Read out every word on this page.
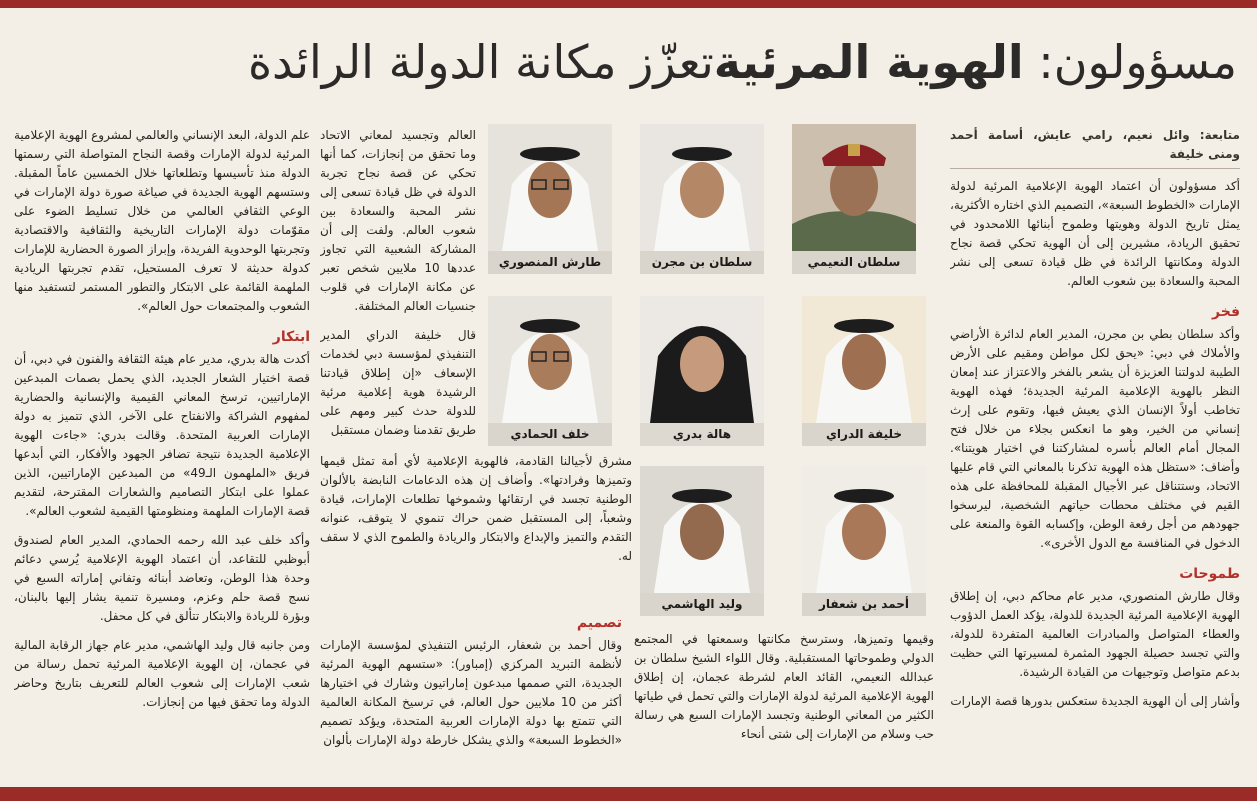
مسؤولون: الهوية المرئيةتعزّز مكانة الدولة الرائدة
متابعة: وائل نعيم، رامي عايش، أسامة أحمد ومنى خليفة

أكد مسؤولون أن اعتماد الهوية الإعلامية المرئية لدولة الإمارات «الخطوط السبعة»، التصميم الذي اختاره الأكثرية، يمثل تاريخ الدولة وهويتها وطموح أبنائها اللامحدود في تحقيق الريادة، مشيرين إلى أن الهوية تحكي قصة نجاح الدولة ومكانتها الرائدة في ظل قيادة تسعى إلى نشر المحبة والسعادة بين شعوب العالم.

فخر

وأكد سلطان بطي بن مجرن، المدير العام لدائرة الأراضي والأملاك في دبي: «يحق لكل مواطن ومقيم على الأرض الطيبة لدولتنا العزيزة أن يشعر بالفخر والاعتزاز عند إمعان النظر بالهوية الإعلامية المرئية الجديدة؛ فهذه الهوية تخاطب أولاً الإنسان الذي يعيش فيها، وتقوم على إرث إنساني من الخير، وهو ما انعكس بجلاء من خلال فتح المجال أمام العالم بأسره لمشاركتنا في اختيار هويتنا». وأضاف: «ستظل هذه الهوية تذكرنا بالمعاني التي قام عليها الاتحاد، وستتناقل عبر الأجيال المقبلة للمحافظة على هذه القيم في مختلف محطات حياتهم الشخصية، ليرسخوا جهودهم من أجل رفعة الوطن، وإكسابه القوة والمنعة على الدخول في المنافسة مع الدول الأخرى».

طموحات

وقال طارش المنصوري، مدير عام محاكم دبي، إن إطلاق الهوية الإعلامية المرئية الجديدة للدولة، يؤكد العمل الدؤوب والعطاء المتواصل والمبادرات العالمية المتفردة للدولة، والتي تجسد حصيلة الجهود المثمرة لمسيرتها التي حظيت بدعم متواصل وتوجيهات من القيادة الرشيدة.

وأشار إلى أن الهوية الجديدة ستعكس بدورها قصة الإمارات

سلطان النعيمي
سلطان بن مجرن
طارش المنصوري
خليفة الدراي
هالة بدري
خلف الحمادي
أحمد بن شعفار
وليد الهاشمي

العالم وتجسيد لمعاني الاتحاد وما تحقق من إنجازات، كما أنها تحكي عن قصة نجاح تجربة الدولة في ظل قيادة تسعى إلى نشر المحبة والسعادة بين شعوب العالم. ولفت إلى أن المشاركة الشعبية التي تجاوز عددها 10 ملايين شخص تعبر عن مكانة الإمارات في قلوب جنسيات العالم المختلفة.

قال خليفة الدراي المدير التنفيذي لمؤسسة دبي لخدمات الإسعاف «إن إطلاق قيادتنا الرشيدة هوية إعلامية مرئية للدولة حدث كبير ومهم على طريق تقدمنا وضمان مستقبل

مشرق لأجيالنا القادمة، فالهوية الإعلامية لأي أمة تمثل قيمها وتميزها وفرادتها». وأضاف إن هذه الدعامات النابضة بالألوان الوطنية تجسد في ارتقائها وشموخها تطلعات الإمارات، قيادة وشعباً، إلى المستقبل ضمن حراك تنموي لا يتوقف، عنوانه التقدم والتميز والإبداع والابتكار والريادة والطموح الذي لا سقف له.

علم الدولة، البعد الإنساني والعالمي لمشروع الهوية الإعلامية المرئية لدولة الإمارات وقصة النجاح المتواصلة التي رسمتها الدولة منذ تأسيسها وتطلعاتها خلال الخمسين عاماً المقبلة. وستسهم الهوية الجديدة في صياغة صورة دولة الإمارات في الوعي الثقافي العالمي من خلال تسليط الضوء على مقوّمات دولة الإمارات التاريخية والثقافية والاقتصادية وتجربتها الوحدوية الفريدة، وإبراز الصورة الحضارية للإمارات كدولة حديثة لا تعرف المستحيل، تقدم تجربتها الريادية الملهمة القائمة على الابتكار والتطور المستمر لتستفيد منها الشعوب والمجتمعات حول العالم».

ابتكار

أكدت هالة بدري، مدير عام هيئة الثقافة والفنون في دبي، أن قصة اختيار الشعار الجديد، الذي يحمل بصمات المبدعين الإماراتيين، ترسخ المعاني القيمية والإنسانية والحضارية لمفهوم الشراكة والانفتاح على الآخر، الذي تتميز به دولة الإمارات العربية المتحدة. وقالت بدري: «جاءت الهوية الإعلامية الجديدة نتيجة تضافر الجهود والأفكار، التي أبدعها فريق «الملهمون الـ49» من المبدعين الإماراتيين، الذين عملوا على ابتكار التصاميم والشعارات المقترحة، لتقديم قصة الإمارات الملهمة ومنظومتها القيمية لشعوب العالم».

وأكد خلف عبد الله رحمه الحمادي، المدير العام لصندوق أبوظبي للتقاعد، أن اعتماد الهوية الإعلامية يُرسي دعائم وحدة هذا الوطن، وتعاضد أبنائه وتفاني إماراته السبع في نسج قصة حلم وعزم، ومسيرة تنمية يشار إليها بالبنان، وبؤرة للريادة والابتكار تتألق في كل محفل.

ومن جانبه قال وليد الهاشمي، مدير عام جهاز الرقابة المالية في عجمان، إن الهوية الإعلامية المرئية تحمل رسالة من شعب الإمارات إلى شعوب العالم للتعريف بتاريخ وحاضر الدولة وما تحقق فيها من إنجازات.

وقيمها وتميزها، وسترسخ مكانتها وسمعتها في المجتمع الدولي وطموحاتها المستقبلية. وقال اللواء الشيخ سلطان بن عبدالله النعيمي، القائد العام لشرطة عجمان، إن إطلاق الهوية الإعلامية المرئية لدولة الإمارات والتي تحمل في طياتها الكثير من المعاني الوطنية وتجسد الإمارات السبع هي رسالة حب وسلام من الإمارات إلى شتى أنحاء

تصميم

وقال أحمد بن شعفار، الرئيس التنفيذي لمؤسسة الإمارات لأنظمة التبريد المركزي (إمباور): «ستسهم الهوية المرئية الجديدة، التي صممها مبدعون إماراتيون وشارك في اختيارها أكثر من 10 ملايين حول العالم، في ترسيخ المكانة العالمية التي تتمتع بها دولة الإمارات العربية المتحدة، ويؤكد تصميم «الخطوط السبعة» والذي يشكل خارطة دولة الإمارات بألوان
